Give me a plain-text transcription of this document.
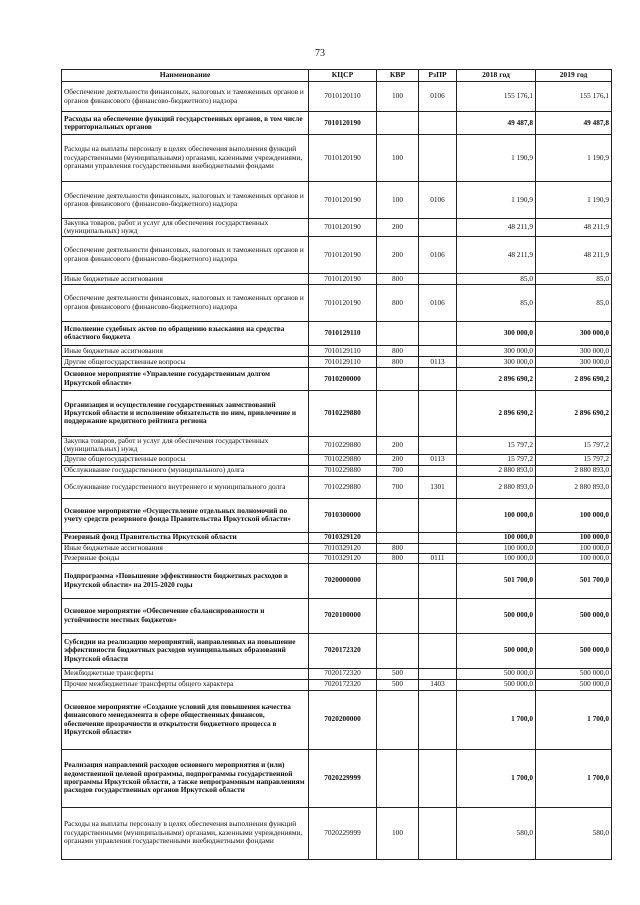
73
Наименование	КЦСР	КВР	РзПР	2018 год	2019 год
Обеспечение деятельности финансовых, налоговых и таможенных органов и органов финансового (финансово-бюджетного) надзора	7010120110	100	0106	155 176,1	155 176,1
Расходы на обеспечение функций государственных органов, в том числе территориальных органов	7010120190			49 487,8	49 487,8
Расходы на выплаты персоналу в целях обеспечения выполнения функций государственными (муниципальными) органами, казенными учреждениями, органами управления государственными внебюджетными фондами	7010120190	100		1 190,9	1 190,9
Обеспечение деятельности финансовых, налоговых и таможенных органов и органов финансового (финансово-бюджетного) надзора	7010120190	100	0106	1 190,9	1 190,9
Закупка товаров, работ и услуг для обеспечения государственных (муниципальных) нужд	7010120190	200		48 211,9	48 211,9
Обеспечение деятельности финансовых, налоговых и таможенных органов и органов финансового (финансово-бюджетного) надзора	7010120190	200	0106	48 211,9	48 211,9
Иные бюджетные ассигнования	7010120190	800		85,0	85,0
Обеспечение деятельности финансовых, налоговых и таможенных органов и органов финансового (финансово-бюджетного) надзора	7010120190	800	0106	85,0	85,0
Исполнение судебных актов по обращению взыскания на средства областного бюджета	7010129110			300 000,0	300 000,0
Иные бюджетные ассигнования	7010129110	800		300 000,0	300 000,0
Другие общегосударственные вопросы	7010129110	800	0113	300 000,0	300 000,0
Основное мероприятие «Управление государственным долгом Иркутской области»	7010200000			2 896 690,2	2 896 690,2
Организация и осуществление государственных заимствований Иркутской области и исполнение обязательств по ним, привлечение и поддержание кредитного рейтинга региона	7010229880			2 896 690,2	2 896 690,2
Закупка товаров, работ и услуг для обеспечения государственных (муниципальных) нужд	7010229880	200		15 797,2	15 797,2
Другие общегосударственные вопросы	7010229880	200	0113	15 797,2	15 797,2
Обслуживание государственного (муниципального) долга	7010229880	700		2 880 893,0	2 880 893,0
Обслуживание государственного внутреннего и муниципального долга	7010229880	700	1301	2 880 893,0	2 880 893,0
Основное мероприятие «Осуществление отдельных полномочий по учету средств резервного фонда Правительства Иркутской области»	7010300000			100 000,0	100 000,0
Резервный фонд Правительства Иркутской области	7010329120			100 000,0	100 000,0
Иные бюджетные ассигнования	7010329120	800		100 000,0	100 000,0
Резервные фонды	7010329120	800	0111	100 000,0	100 000,0
Подпрограмма «Повышение эффективности бюджетных расходов в Иркутской области» на 2015-2020 годы	7020000000			501 700,0	501 700,0
Основное мероприятие «Обеспечение сбалансированности и устойчивости местных бюджетов»	7020100000			500 000,0	500 000,0
Субсидии на реализацию мероприятий, направленных на повышение эффективности бюджетных расходов муниципальных образований Иркутской области	7020172320			500 000,0	500 000,0
Межбюджетные трансферты	7020172320	500		500 000,0	500 000,0
Прочие межбюджетные трансферты общего характера	7020172320	500	1403	500 000,0	500 000,0
Основное мероприятие «Создание условий для повышения качества финансового менеджмента в сфере общественных финансов, обеспечение прозрачности и открытости бюджетного процесса в Иркутской области»	7020200000			1 700,0	1 700,0
Реализация направлений расходов основного мероприятия и (или) ведомственной целевой программы, подпрограммы государственной программы Иркутской области, а также непрограммным направлениям расходов государственных органов Иркутской области	7020229999			1 700,0	1 700,0
Расходы на выплаты персоналу в целях обеспечения выполнения функций государственными (муниципальными) органами, казенными учреждениями, органами управления государственными внебюджетными фондами	7020229999	100		580,0	580,0
